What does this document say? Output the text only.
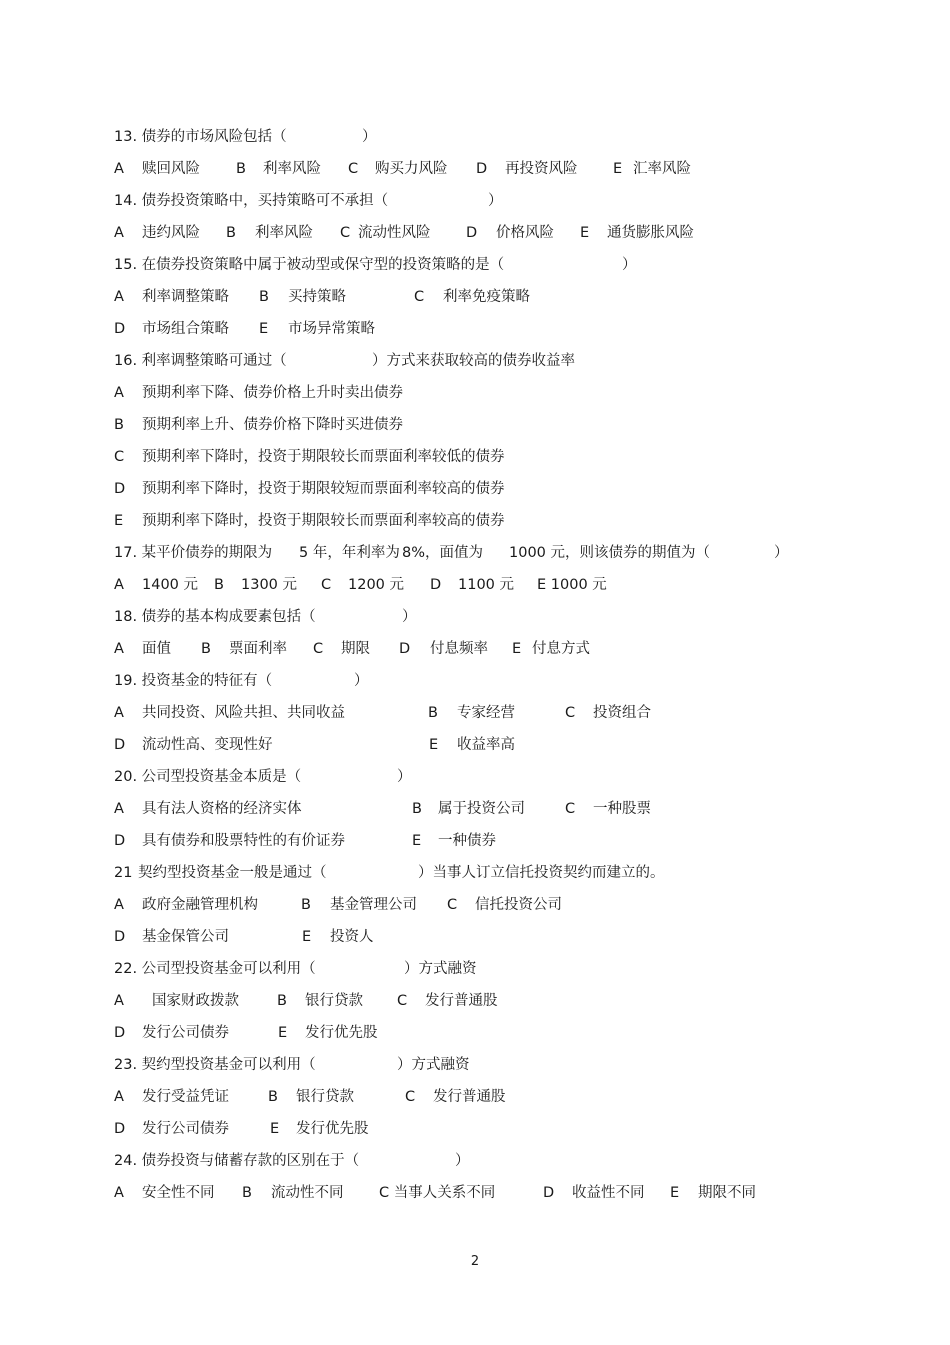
13. 债券的市场风险包括（	）
A 赎回风险 B 利率风险 C 购买力风险 D 再投资风险 E 汇率风险
14. 债券投资策略中，买持策略可不承担（	）
A 违约风险 B 利率风险 C 流动性风险 D 价格风险 E 通货膨胀风险
15. 在债券投资策略中属于被动型或保守型的投资策略的是（	）
A 利率调整策略 B 买持策略	C 利率免疫策略
D 市场组合策略 E 市场异常策略
16. 利率调整策略可通过（	）方式来获取较高的债券收益率
A 预期利率下降、债券价格上升时卖出债券
B 预期利率上升、债券价格下降时买进债券
C 预期利率下降时，投资于期限较长而票面利率较低的债券
D 预期利率下降时，投资于期限较短而票面利率较高的债券
E 预期利率下降时，投资于期限较长而票面利率较高的债券
17. 某平价债券的期限为 5 年，年利率为 8%，面值为 1000 元，则该债券的期值为（	）
A 1400 元 B 1300 元 C 1200 元 D 1100 元 E 1000 元
18. 债券的基本构成要素包括（	）
A 面值 B 票面利率 C 期限 D 付息频率 E 付息方式
19. 投资基金的特征有（	）
A 共同投资、风险共担、共同收益	B 专家经营	C 投资组合
D 流动性高、变现性好	E 收益率高
20. 公司型投资基金本质是（	）
A 具有法人资格的经济实体	B 属于投资公司	C 一种股票
D 具有债券和股票特性的有价证券	E 一种债券
21 契约型投资基金一般是通过（	）当事人订立信托投资契约而建立的。
A 政府金融管理机构	B 基金管理公司 C 信托投资公司
D 基金保管公司	E 投资人
22. 公司型投资基金可以利用（	）方式融资
A 国家财政拨款	B 银行贷款 C 发行普通股
D 发行公司债券	E 发行优先股
23. 契约型投资基金可以利用（	）方式融资
A 发行受益凭证	B 银行贷款	C 发行普通股
D 发行公司债券	E 发行优先股
24. 债券投资与储蓄存款的区别在于（	）
A 安全性不同 B 流动性不同 C 当事人关系不同	D 收益性不同 E 期限不同
2
